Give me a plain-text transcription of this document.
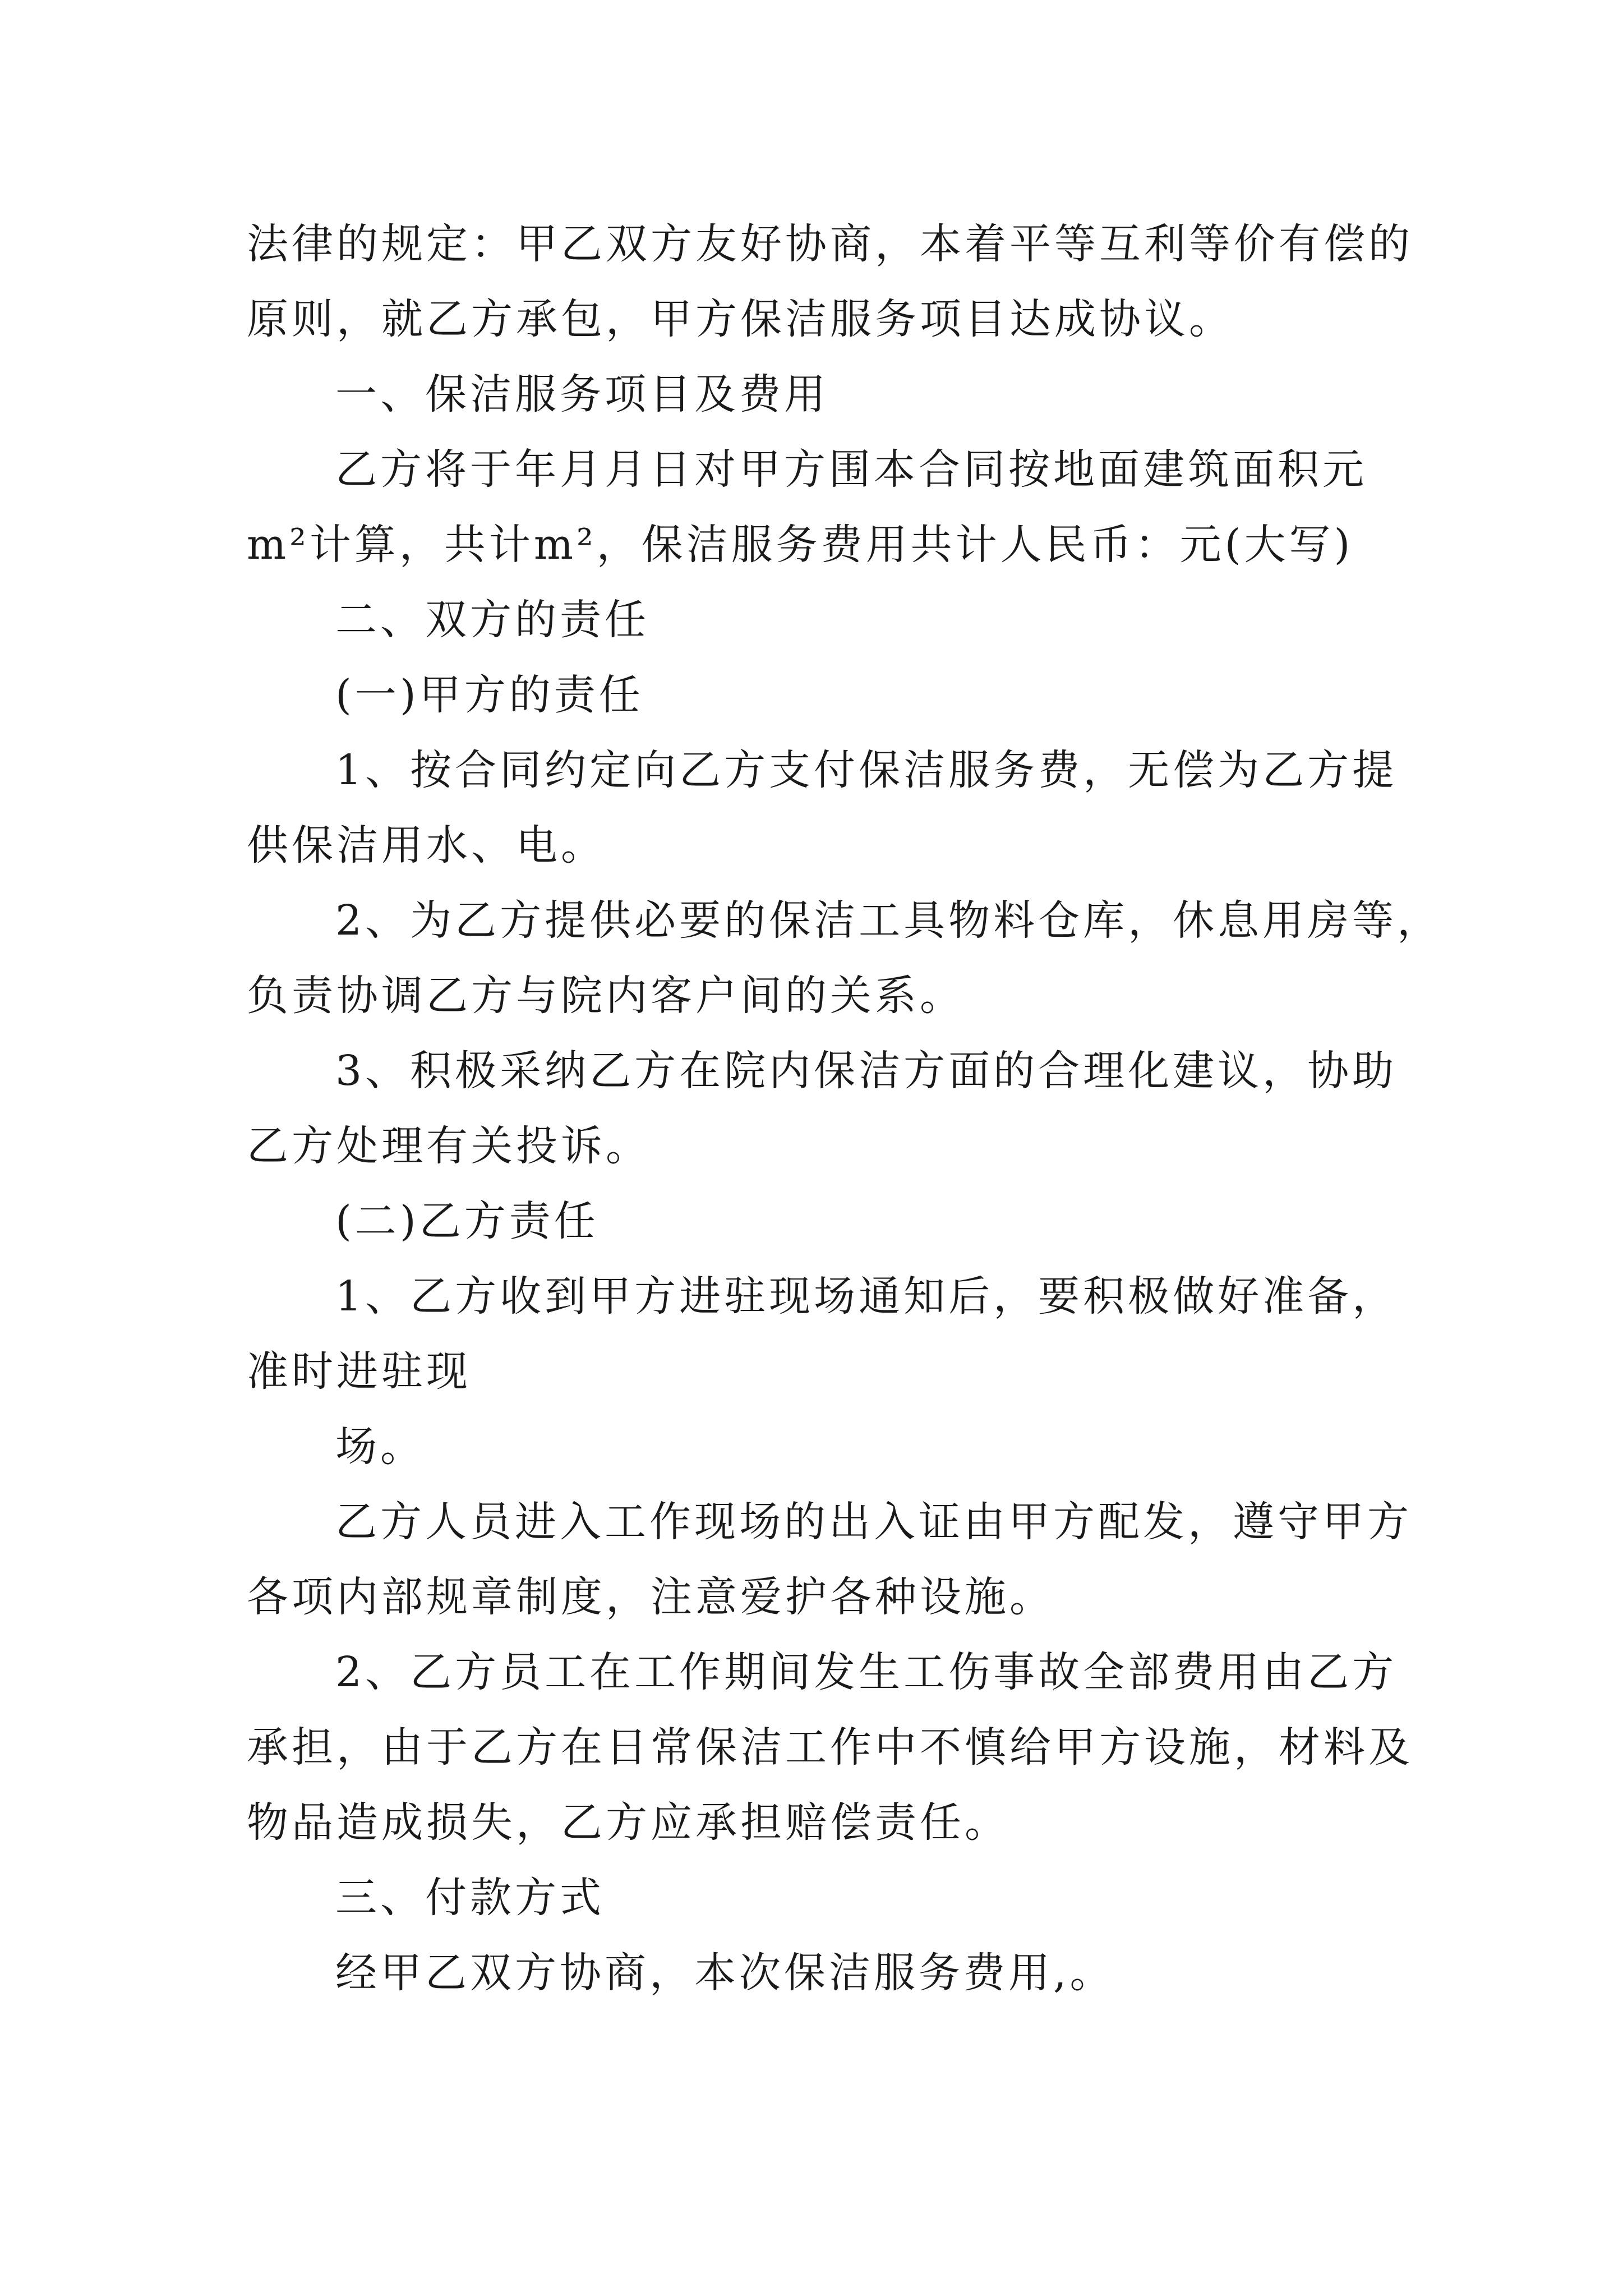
法律的规定：甲乙双方友好协商，本着平等互利等价有偿的
原则，就乙方承包，甲方保洁服务项目达成协议。
一、保洁服务项目及费用
乙方将于年月月日对甲方围本合同按地面建筑面积元
m²计算，共计m²，保洁服务费用共计人民币：元(大写)
二、双方的责任
(一)甲方的责任
1、按合同约定向乙方支付保洁服务费，无偿为乙方提
供保洁用水、电。
2、为乙方提供必要的保洁工具物料仓库，休息用房等，
负责协调乙方与院内客户间的关系。
3、积极采纳乙方在院内保洁方面的合理化建议，协助
乙方处理有关投诉。
(二)乙方责任
1、乙方收到甲方进驻现场通知后，要积极做好准备，
准时进驻现
场。
乙方人员进入工作现场的出入证由甲方配发，遵守甲方
各项内部规章制度，注意爱护各种设施。
2、乙方员工在工作期间发生工伤事故全部费用由乙方
承担，由于乙方在日常保洁工作中不慎给甲方设施，材料及
物品造成损失，乙方应承担赔偿责任。
三、付款方式
经甲乙双方协商，本次保洁服务费用,。
